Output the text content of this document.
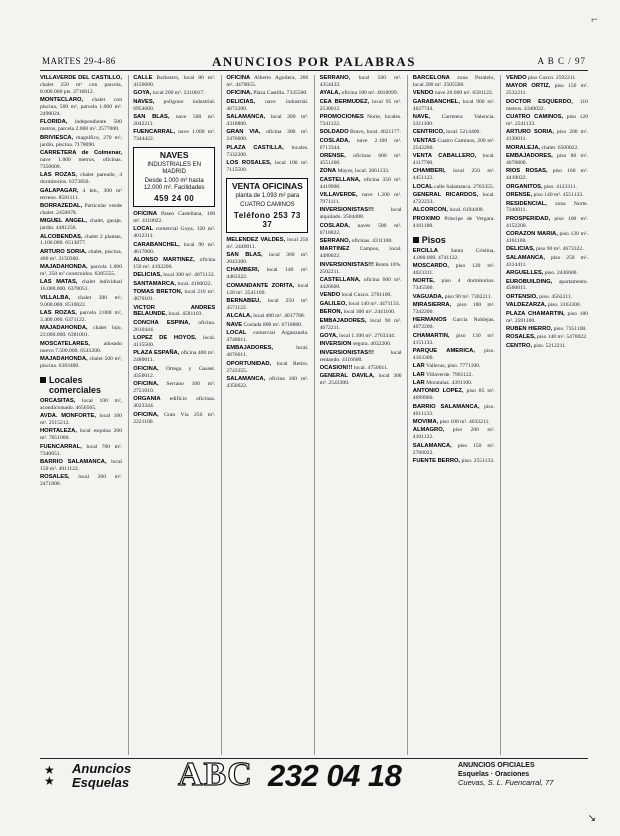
⌐
MARTES 29-4-86	ANUNCIOS POR PALABRAS	A B C / 97

VILLAVERDE DEL CASTILLO, chalet 250 m² con parcela, 8.000.000 pts. 2716812.

MONTECLARO, chalet con piscina, 500 m², parcela 1.000 m². 2490024.

FLORIDA, independiente 500 metros, parcela 2.000 m². 2577000.

BRIVIESCA, magnífico, 270 m², jardín, piscina. 7178090.

CARRETERA de Colmenar, nave 1.000 metros, oficinas. 7350000.

LAS ROZAS, chalet pareado, 4 dormitorios. 6373850.

GALAPAGAR, 4 km., 300 m² terreno. 8581111.

BORRAZEDAL, Particular vende chalet. 2450078.

MIGUEL ANGEL, chalet, garaje, jardín. 4481256.

ALCOBENDAS, chalet 2 plantas, 1.100.000. 6513077.

ARTURO SORIA, chalet, piscina, 400 m². 2150300.

MAJADAHONDA, parcela 1.000 m², 250 m² construidos. 6385555.

LAS MATAS, chalet individual 16.000.000. 6370051.

VILLALBA, chalet 300 m², 9.000.000. 8510022.

LAS ROZAS, parcela 2.000 m², 3.400.000. 6371122.

MAJADAHONDA, chalet lujo, 23.000.000. 6381001.

MOSCATELARES, adosado nuevo 7.500.000. 6541200.

MAJADAHONDA, chalet 500 m², piscina. 6383400.

Locales comerciales

ORCASITAS, local 100 m², acondicionado. 4656565.

AVDA. MONFORTE, local 100 m². 2515212.

HORTALEZA, local esquina 200 m². 7651000.

FUENCARRAL, local 700 m². 7340051.

BARRIO SALAMANCA, local 150 m². 4011122.

ROSALES, local 260 m². 2471800.

CALLE Barbastro, local 80 m². 4156690.

GOYA, local 200 m². 2310017.

NAVES, polígono industrial. 6954600.

SAN BLAS, nave 500 m². 2042211.

FUENCARRAL, nave 1.000 m². 7344422.

NAVES
INDUSTRIALES EN MADRID
Desde 1.000 m² hasta 12.000 m². Facilidades
459 24 00

OFICINA Paseo Castellana, 160 m². 4110022.

LOCAL comercial Goya, 120 m². 4012311.

CARABANCHEL, local 90 m². 4617000.

ALONSO MARTINEZ, oficina 150 m². 4192200.

DELICIAS, local 300 m². 4671133.

SANTAMARCA, local. 4160022.

TOMAS BRETON, local 210 m². 4670101.

VICTOR ANDRES BELAUNDE, local. 4581103.

CONCHA ESPINA, oficina. 2610444.

LOPEZ DE HOYOS, local. 4135500.

PLAZA ESPAÑA, oficina 400 m². 2480011.

OFICINA, Ortega y Gasset. 4350012.

OFICINA, Serrano 100 m². 2751010.

ORGANIA edificio oficinas. 4023344.

OFICINA, Gran Vía 250 m². 2221100.

OFICINA Alberto Aguilera, 280 m². 4470055.

OFICINA, Plaza Castilla. 7335500.

DELICIAS, nave industrial. 4672200.

SALAMANCA, local 200 m². 4318800.

GRAN VIA, oficina 300 m². 2476600.

PLAZA CASTILLA, locales. 7332200.

LOS ROSALES, local 100 m². 7115500.

VENTA OFICINAS
planta de 1.093 m² para
CUATRO CAMINOS
Teléfono 253 73 37

MELENDEZ VALDES, local 250 m². 2440011.

SAN BLAS, local 360 m². 2043300.

CHAMBERI, local 140 m². 4463322.

COMANDANTE ZORITA, local 120 m². 2541100.

BERNABEU, local 250 m². 4571122.

ALCALA, local 400 m². 4017788.

NAVE Coslada 800 m². 6718800.

LOCAL comercial Arganzuela. 4740011.

EMBAJADORES,	local. 4676611.

OPORTUNIDAD, local Retiro. 2743355.

SALAMANCA, oficina 100 m². 4356622.

SERRANO, local 500 m². 4354433.

AYALA, oficina 180 m². 4010099.

CEA BERMUDEZ, local 95 m². 2530012.

PROMOCIONES Norte, locales. 7341122.

SOLDADO Bravo, local. 4621177.

COSLADA, nave 2.100 m². 6713344.

ORENSE, oficinas 600 m². 4551200.

ZONA Mayor, local. 2661133.

CASTELLANA, oficina 350 m². 4419900.

VILLAVERDE, nave 1.200 m². 7971111.

INVERSIONISTAS!!!	local alquilado. 2504488.

COSLADA, naves 500 m². 6718822.

SERRANO, oficinas. 4311100.

MARTINEZ Campos, local. 4480022.

INVERSIONISTAS!!! Renta 10%. 2502211.

CASTELLANA, oficina 600 m². 4426600.

VENDO local Cuzco. 2701100.

GALILEO, local 140 m². 4471133.

BERON, local 300 m². 2441100.

EMBAJADORES, local 90 m². 4672211.

GOYA, local 1.100 m². 2763344.

INVERSION segura. 4032200.

INVERSIONISTAS!!!	local rentando. 4116600.

OCASION!!! local. 4750011.

GENERAL DAVILA, local 300 m². 2543300.

BARCELONA zona Paralelo, local 200 m². 2505500.

VENDO nave 20.000 m². 6581122.

GARABANCHEL, local 900 m². 4627744.

NAVE, Carretera Valencia. 3311100.

CENTRICO, local. 5214400.

VENTAS Cuatro Caminos, 200 m². 2542200.

VENTA CABALLERO, local. 4117700.

CHAMBERI, local 250 m². 4451122.

LOCAL calle Salamanca. 2763355.

GENERAL RICARDOS, local. 4722233.

ALCORCON, local. 6194400.

PROXIMO Principe de Vergara. 4161188.

Pisos

ERCILLA Santa Cristina, 4.000.000. 4741122.

MOSCARDO, piso 120 m². 4023311.

NORTE, piso 4 dormitorios. 7345500.

VAGUADA, piso 90 m². 7382211.

MIRASIERRA, piso 180 m². 7342200.

HERMANOS Garcia Noblejas. 4072200.

CHAMARTIN, piso 130 m². 4151133.

PARQUE AMERICA, piso. 4163300.

LAR Vallecas, piso. 7771100.

LAR Villaverde. 7961122.

LAR Moratalaz. 4391100.

ANTONIO LOPEZ, piso 85 m². 4699900.

BARRIO SALAMANCA, piso. 4011133.

MOVIMA, piso 100 m². 4032211.

ALMAGRO, piso 200 m². 4101122.

SALAMANCA, piso 150 m². 2760022.

FUENTE BERRO, piso. 2551133.

VENDO piso Cuzco. 2592211.

MAYOR ORTIZ, piso 150 m². 2532211.

DOCTOR ESQUERDO, 110 metros. 4340022.

CUATRO CAMINOS, piso 120 m². 2541133.

ARTURO SORIA, piso 200 m². 4130011.

MORALEJA, chalet. 6500022.

EMBAJADORES, piso 80 m². 4678800.

RIOS ROSAS, piso 160 m². 4410022.

ORGANITOS, piso. 4123311.

ORENSE, piso 140 m². 4551133.

RESIDENCIAL, zona Norte. 7340011.

PROSPERIDAD, piso 100 m². 4152200.

CORAZON MARIA, piso 130 m². 4161100.

DELICIAS, piso 90 m². 4673322.

SALAMANCA, piso 250 m². 4314411.

ARGUELLES, piso. 2436600.

EUROBUILDING, apartamento. 4560011.

ORTENSIO, piso. 4562211.

VALDEZARZA, piso. 3163300.

PLAZA CHAMARTIN, piso 180 m². 2591100.

RUBEN HIERRO, piso. 7351100.

ROSALES, piso 140 m². 5470022.

CENTRO, piso. 5212211.

★
★
Anuncios
Esquelas ABC 232 04 18	ANUNCIOS OFICIALES
Esquelas · Oraciones
Cuevas, S. L. Fuencarral, 77
↘
